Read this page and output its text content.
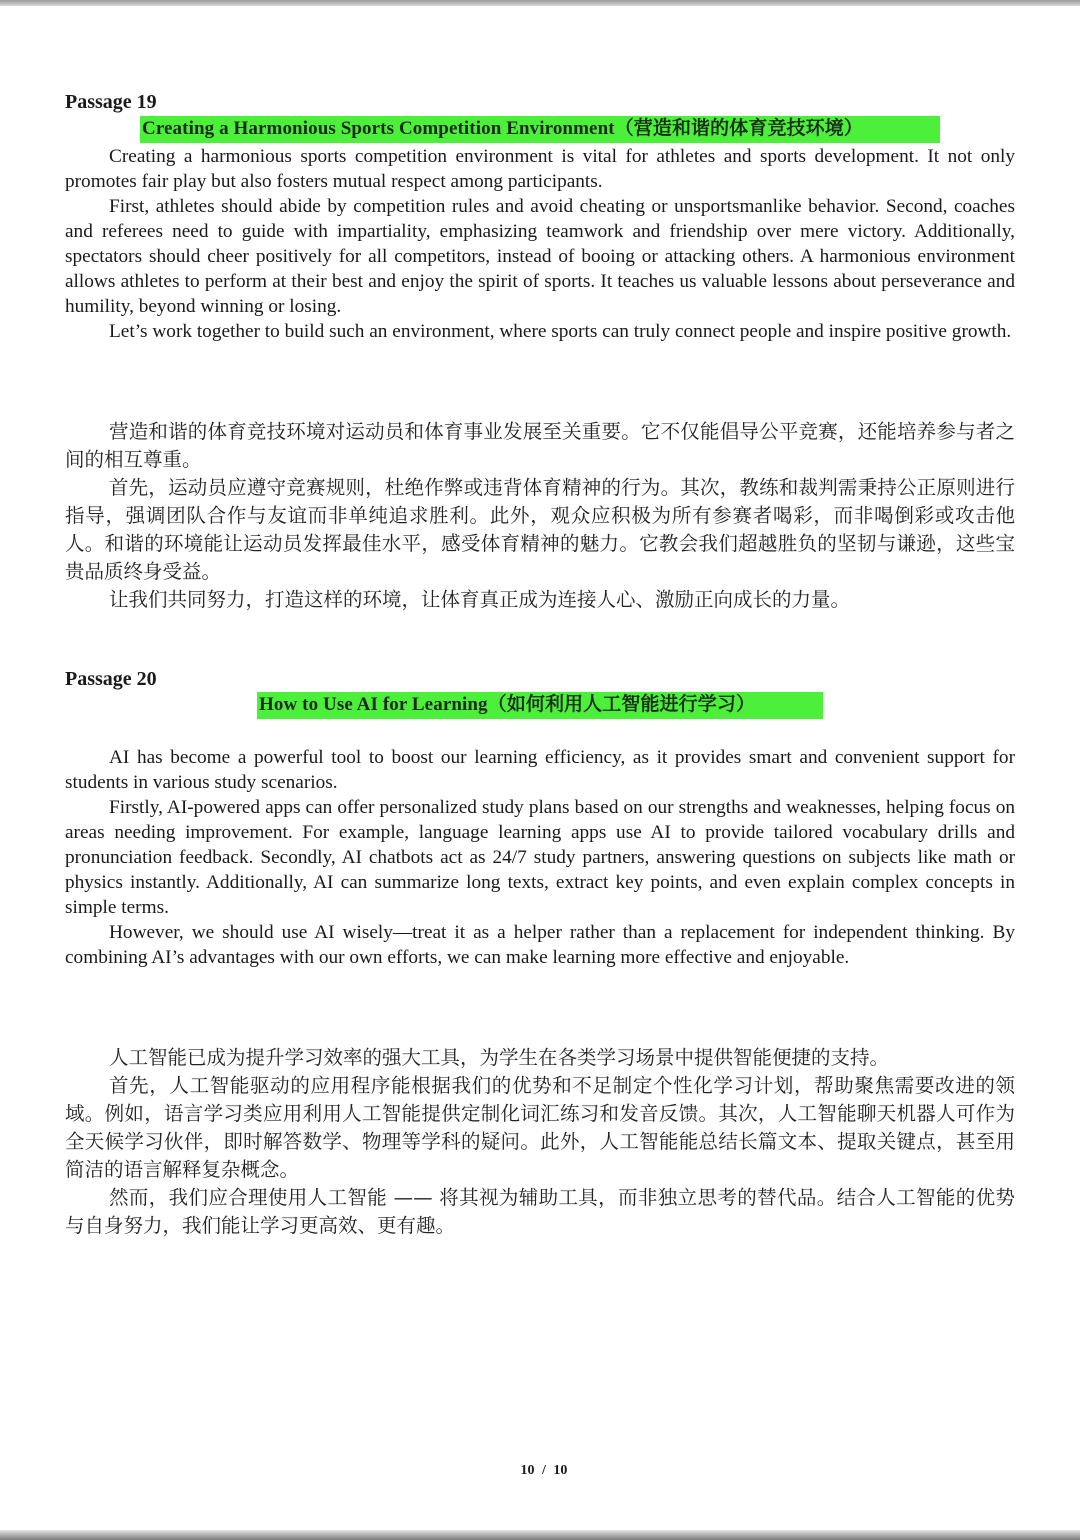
Passage 19
Creating a Harmonious Sports Competition Environment（营造和谐的体育竞技环境）

Creating a harmonious sports competition environment is vital for athletes and sports development. It not only promotes fair play but also fosters mutual respect among participants.

First, athletes should abide by competition rules and avoid cheating or unsportsmanlike behavior. Second, coaches and referees need to guide with impartiality, emphasizing teamwork and friendship over mere victory. Additionally, spectators should cheer positively for all competitors, instead of booing or attacking others. A harmonious environment allows athletes to perform at their best and enjoy the spirit of sports. It teaches us valuable lessons about perseverance and humility, beyond winning or losing.

Let’s work together to build such an environment, where sports can truly connect people and inspire positive growth.

营造和谐的体育竞技环境对运动员和体育事业发展至关重要。它不仅能倡导公平竞赛，还能培养参与者之间的相互尊重。

首先，运动员应遵守竞赛规则，杜绝作弊或违背体育精神的行为。其次，教练和裁判需秉持公正原则进行指导，强调团队合作与友谊而非单纯追求胜利。此外，观众应积极为所有参赛者喝彩，而非喝倒彩或攻击他人。和谐的环境能让运动员发挥最佳水平，感受体育精神的魅力。它教会我们超越胜负的坚韧与谦逊，这些宝贵品质终身受益。

让我们共同努力，打造这样的环境，让体育真正成为连接人心、激励正向成长的力量。

Passage 20
How to Use AI for Learning（如何利用人工智能进行学习）

AI has become a powerful tool to boost our learning efficiency, as it provides smart and convenient support for students in various study scenarios.

Firstly, AI-powered apps can offer personalized study plans based on our strengths and weaknesses, helping focus on areas needing improvement. For example, language learning apps use AI to provide tailored vocabulary drills and pronunciation feedback. Secondly, AI chatbots act as 24/7 study partners, answering questions on subjects like math or physics instantly. Additionally, AI can summarize long texts, extract key points, and even explain complex concepts in simple terms.

However, we should use AI wisely—treat it as a helper rather than a replacement for independent thinking. By combining AI’s advantages with our own efforts, we can make learning more effective and enjoyable.

人工智能已成为提升学习效率的强大工具，为学生在各类学习场景中提供智能便捷的支持。

首先，人工智能驱动的应用程序能根据我们的优势和不足制定个性化学习计划，帮助聚焦需要改进的领域。例如，语言学习类应用利用人工智能提供定制化词汇练习和发音反馈。其次，人工智能聊天机器人可作为全天候学习伙伴，即时解答数学、物理等学科的疑问。此外，人工智能能总结长篇文本、提取关键点，甚至用简洁的语言解释复杂概念。

然而，我们应合理使用人工智能 —— 将其视为辅助工具，而非独立思考的替代品。结合人工智能的优势与自身努力，我们能让学习更高效、更有趣。

10 / 10
